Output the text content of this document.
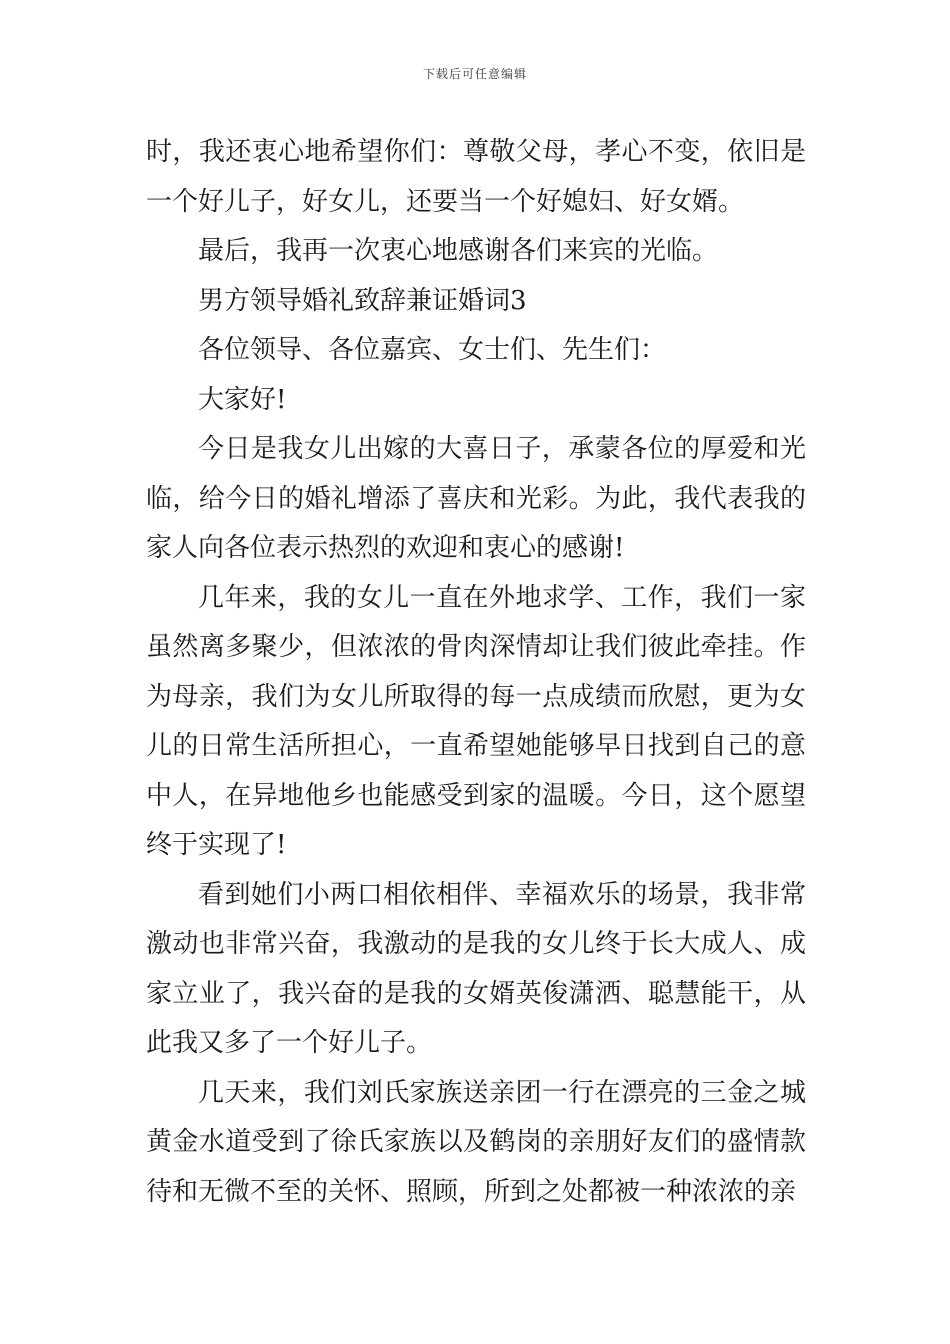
下载后可任意编辑

时，我还衷心地希望你们：尊敬父母，孝心不变，依旧是一个好儿子，好女儿，还要当一个好媳妇、好女婿。

最后，我再一次衷心地感谢各们来宾的光临。

男方领导婚礼致辞兼证婚词3

各位领导、各位嘉宾、女士们、先生们：

大家好!

今日是我女儿出嫁的大喜日子，承蒙各位的厚爱和光临，给今日的婚礼增添了喜庆和光彩。为此，我代表我的家人向各位表示热烈的欢迎和衷心的感谢!

几年来，我的女儿一直在外地求学、工作，我们一家虽然离多聚少，但浓浓的骨肉深情却让我们彼此牵挂。作为母亲，我们为女儿所取得的每一点成绩而欣慰，更为女儿的日常生活所担心，一直希望她能够早日找到自己的意中人，在异地他乡也能感受到家的温暖。今日，这个愿望终于实现了!

看到她们小两口相依相伴、幸福欢乐的场景，我非常激动也非常兴奋，我激动的是我的女儿终于长大成人、成家立业了，我兴奋的是我的女婿英俊潇洒、聪慧能干，从此我又多了一个好儿子。

几天来，我们刘氏家族送亲团一行在漂亮的三金之城黄金水道受到了徐氏家族以及鹤岗的亲朋好友们的盛情款待和无微不至的关怀、照顾，所到之处都被一种浓浓的亲
